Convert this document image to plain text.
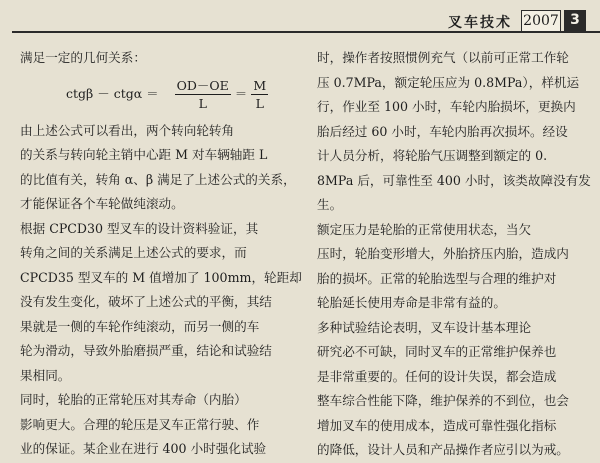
叉车技术 2007 3

满足一定的几何关系：

$ctg\beta - ctg\alpha = \frac{OD-OE}{L} = \frac{M}{L}$

由上述公式可以看出，两个转向轮转角

的关系与转向轮主销中心距 M 对车辆轴距 L

的比值有关，转角 α、β 满足了上述公式的关系，

才能保证各个车轮做纯滚动。

根据 CPCD30 型叉车的设计资料验证，其

转角之间的关系满足上述公式的要求，而

CPCD35 型叉车的 M 值增加了 100mm，轮距却

没有发生变化，破坏了上述公式的平衡，其结

果就是一侧的车轮作纯滚动，而另一侧的车

轮为滑动，导致外胎磨损严重，结论和试验结

果相同。

同时，轮胎的正常轮压对其寿命（内胎）

影响更大。合理的轮压是叉车正常行驶、作

业的保证。某企业在进行 400 小时强化试验

时，操作者按照惯例充气（以前可正常工作轮

压 0.7MPa，额定轮压应为 0.8MPa），样机运

行，作业至 100 小时，车轮内胎损坏，更换内

胎后经过 60 小时，车轮内胎再次损坏。经设

计人员分析，将轮胎气压调整到额定的 0.

8MPa 后，可靠性至 400 小时，该类故障没有发

生。

额定压力是轮胎的正常使用状态，当欠

压时，轮胎变形增大，外胎挤压内胎，造成内

胎的损坏。正常的轮胎选型与合理的维护对

轮胎延长使用寿命是非常有益的。

多种试验结论表明，叉车设计基本理论

研究必不可缺，同时叉车的正常维护保养也

是非常重要的。任何的设计失误，都会造成

整车综合性能下降，维护保养的不到位，也会

增加叉车的使用成本，造成可靠性强化指标

的降低，设计人员和产品操作者应引以为戒。
